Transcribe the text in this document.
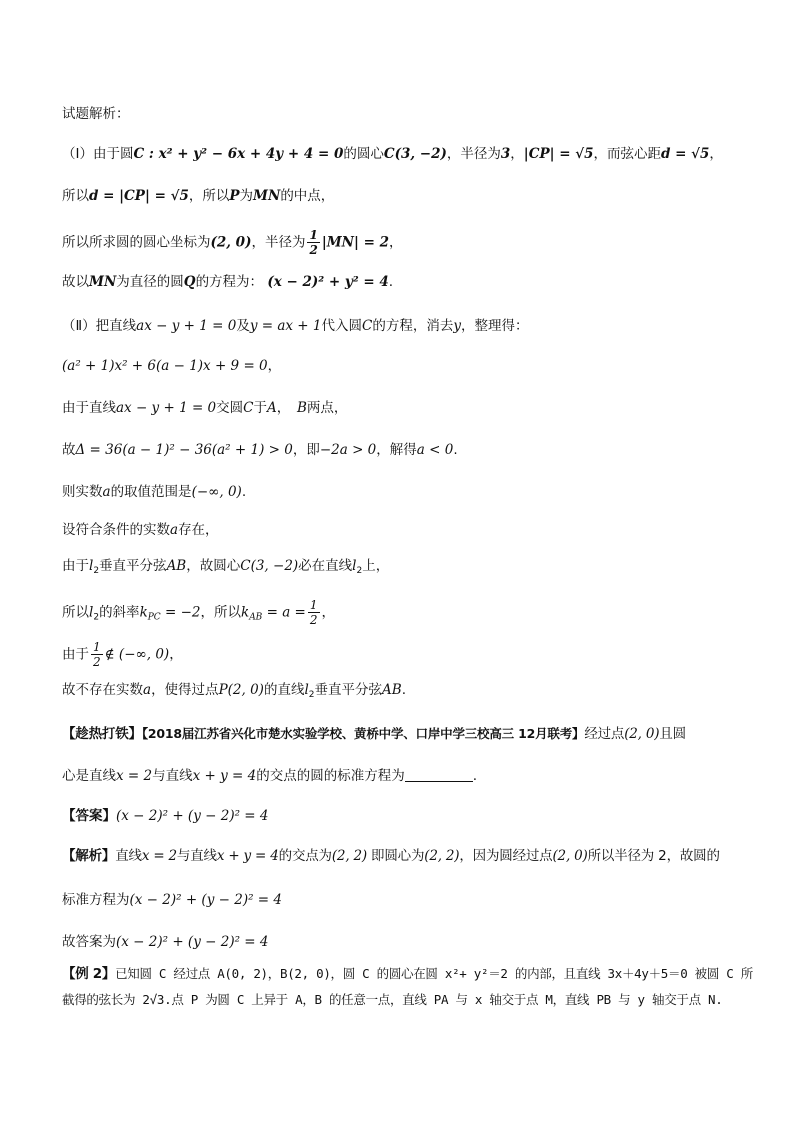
试题解析：
（Ⅰ）由于圆C : x² + y² − 6x + 4y + 4 = 0的圆心C(3, −2)，半径为3，|CP| = √5，而弦心距d = √5，
所以d = |CP| = √5，所以P为MN的中点，
所以所求圆的圆心坐标为(2, 0)，半径为 $\frac{1}{2} |MN| = 2$，
故以MN为直径的圆Q的方程为： (x − 2)² + y² = 4.
（Ⅱ）把直线ax − y + 1 = 0及y = ax + 1代入圆C的方程，消去y，整理得：
(a² + 1)x² + 6(a − 1)x + 9 = 0，
由于直线ax − y + 1 = 0交圆C于A，　B两点，
故Δ = 36(a − 1)² − 36(a² + 1) > 0，即−2a > 0，解得a < 0.
则实数a的取值范围是(−∞, 0).
设符合条件的实数a存在，
由于$l_2$垂直平分弦AB，故圆心C(3, −2)必在直线$l_2$上，
所以$l_2$的斜率$k_{PC} = -2$，所以$k_{AB} = a = \frac{1}{2}$ ，
由于 $\frac{1}{2}$ ∉ (−∞, 0)，
故不存在实数a，使得过点P(2, 0)的直线$l_2$垂直平分弦AB.
【趁热打铁】【2018届江苏省兴化市楚水实验学校、黄桥中学、口岸中学三校高三 12月联考】经过点(2, 0)且圆
心是直线x = 2与直线x + y = 4的交点的圆的标准方程为	.
【答案】(x − 2)² + (y − 2)² = 4
【解析】直线x = 2与直线x + y = 4的交点为(2, 2) 即圆心为(2, 2)，因为圆经过点(2, 0)所以半径为 2，故圆的
标准方程为(x − 2)² + (y − 2)² = 4
故答案为(x − 2)² + (y − 2)² = 4
【例 2】已知圆 C 经过点 A(0, 2)，B(2, 0)，圆 C 的圆心在圆 x²+ y²＝2 的内部，且直线 3x＋4y＋5＝0 被圆 C 所
截得的弦长为 2√3.点 P 为圆 C 上异于 A，B 的任意一点，直线 PA 与 x 轴交于点 M，直线 PB 与 y 轴交于点 N.
